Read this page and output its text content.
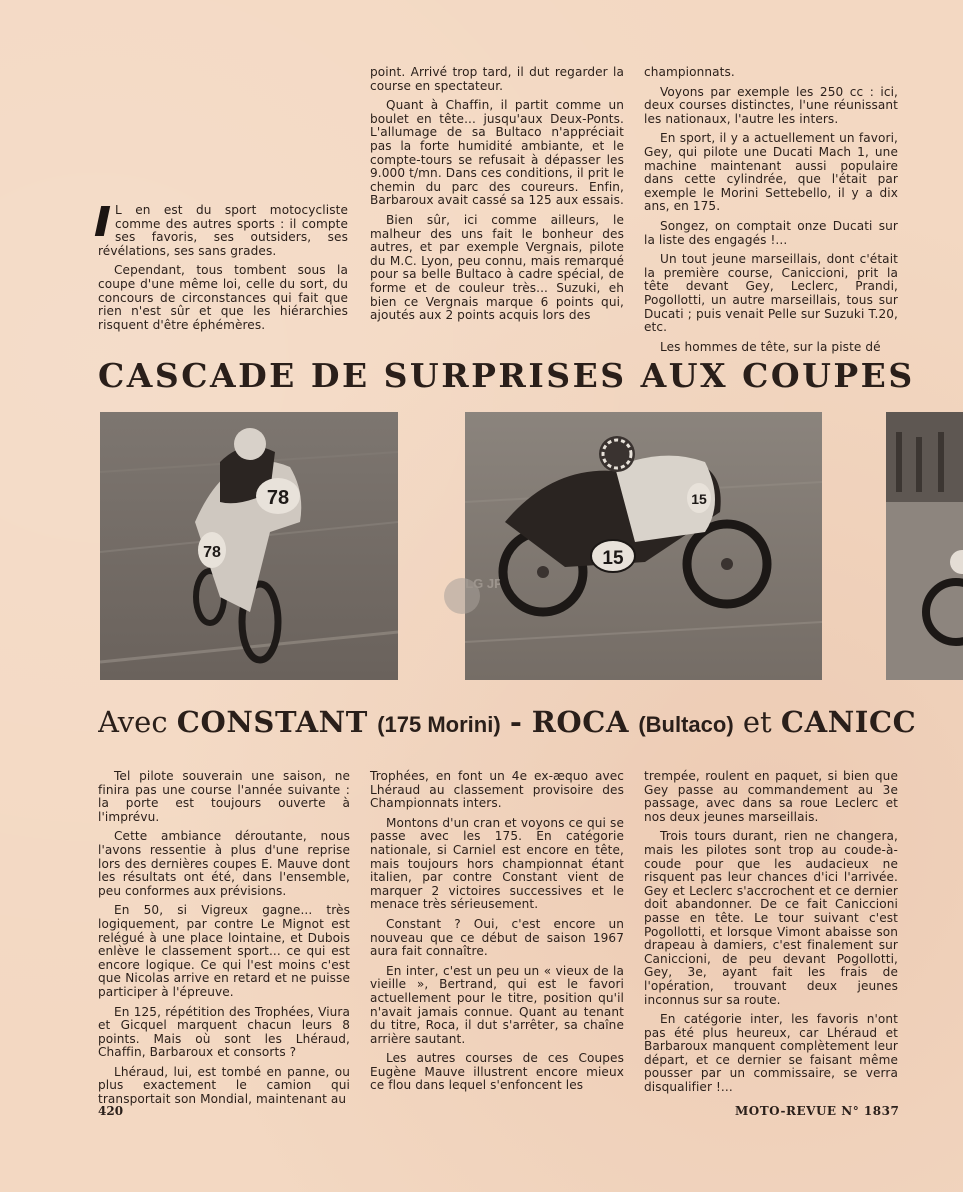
L en est du sport motocycliste comme des autres sports : il compte ses favoris, ses outsiders, ses révélations, ses sans grades.

Cependant, tous tombent sous la coupe d'une même loi, celle du sort, du concours de circonstances qui fait que rien n'est sûr et que les hiérarchies risquent d'être éphémères.

point. Arrivé trop tard, il dut regarder la course en spectateur.

Quant à Chaffin, il partit comme un boulet en tête... jusqu'aux Deux-Ponts. L'allumage de sa Bultaco n'appréciait pas la forte humidité ambiante, et le compte-tours se refusait à dépasser les 9.000 t/mn. Dans ces conditions, il prit le chemin du parc des coureurs. Enfin, Barbaroux avait cassé sa 125 aux essais.

Bien sûr, ici comme ailleurs, le malheur des uns fait le bonheur des autres, et par exemple Vergnais, pilote du M.C. Lyon, peu connu, mais remarqué pour sa belle Bultaco à cadre spécial, de forme et de couleur très... Suzuki, eh bien ce Vergnais marque 6 points qui, ajoutés aux 2 points acquis lors des

championnats.

Voyons par exemple les 250 cc : ici, deux courses distinctes, l'une réunissant les nationaux, l'autre les inters.

En sport, il y a actuellement un favori, Gey, qui pilote une Ducati Mach 1, une machine maintenant aussi populaire dans cette cylindrée, que l'était par exemple le Morini Settebello, il y a dix ans, en 175.

Songez, on comptait onze Ducati sur la liste des engagés !...

Un tout jeune marseillais, dont c'était la première course, Caniccioni, prit la tête devant Gey, Leclerc, Prandi, Pogollotti, un autre marseillais, tous sur Ducati ; puis venait Pelle sur Suzuki T.20, etc.

Les hommes de tête, sur la piste dé

CASCADE DE SURPRISES AUX COUPES
78
78	15
15
LG JP
Avec CONSTANT (175 Morini) - ROCA (Bultaco) et CANICC

Tel pilote souverain une saison, ne finira pas une course l'année suivante : la porte est toujours ouverte à l'imprévu.

Cette ambiance déroutante, nous l'avons ressentie à plus d'une reprise lors des dernières coupes E. Mauve dont les résultats ont été, dans l'ensemble, peu conformes aux prévisions.

En 50, si Vigreux gagne... très logiquement, par contre Le Mignot est relégué à une place lointaine, et Dubois enlève le classement sport... ce qui est encore logique. Ce qui l'est moins c'est que Nicolas arrive en retard et ne puisse participer à l'épreuve.

En 125, répétition des Trophées, Viura et Gicquel marquent chacun leurs 8 points. Mais où sont les Lhéraud, Chaffin, Barbaroux et consorts ?

Lhéraud, lui, est tombé en panne, ou plus exactement le camion qui transportait son Mondial, maintenant au

Trophées, en font un 4e ex-æquo avec Lhéraud au classement provisoire des Championnats inters.

Montons d'un cran et voyons ce qui se passe avec les 175. En catégorie nationale, si Carniel est encore en tête, mais toujours hors championnat étant italien, par contre Constant vient de marquer 2 victoires successives et le menace très sérieusement.

Constant ? Oui, c'est encore un nouveau que ce début de saison 1967 aura fait connaître.

En inter, c'est un peu un « vieux de la vieille », Bertrand, qui est le favori actuellement pour le titre, position qu'il n'avait jamais connue. Quant au tenant du titre, Roca, il dut s'arrêter, sa chaîne arrière sautant.

Les autres courses de ces Coupes Eugène Mauve illustrent encore mieux ce flou dans lequel s'enfoncent les

trempée, roulent en paquet, si bien que Gey passe au commandement au 3e passage, avec dans sa roue Leclerc et nos deux jeunes marseillais.

Trois tours durant, rien ne changera, mais les pilotes sont trop au coude-à-coude pour que les audacieux ne risquent pas leur chances d'ici l'arrivée. Gey et Leclerc s'accrochent et ce dernier doit abandonner. De ce fait Caniccioni passe en tête. Le tour suivant c'est Pogollotti, et lorsque Vimont abaisse son drapeau à damiers, c'est finalement sur Caniccioni, de peu devant Pogollotti, Gey, 3e, ayant fait les frais de l'opération, trouvant deux jeunes inconnus sur sa route.

En catégorie inter, les favoris n'ont pas été plus heureux, car Lhéraud et Barbaroux manquent complètement leur départ, et ce dernier se faisant même pousser par un commissaire, se verra disqualifier !...

420	MOTO-REVUE N° 1837
